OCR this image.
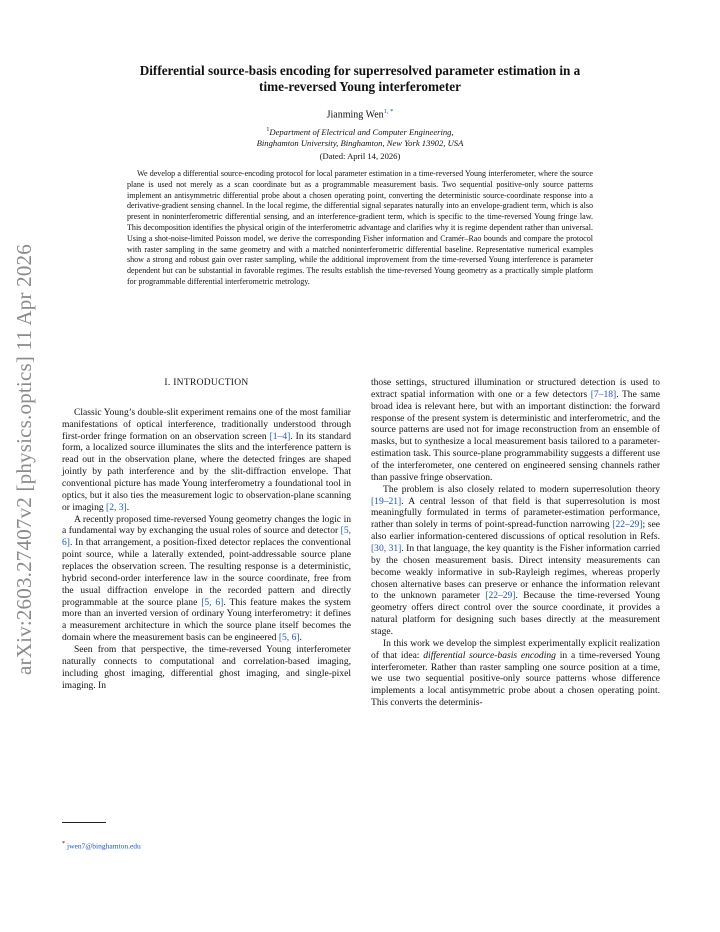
arXiv:2603.27407v2 [physics.optics] 11 Apr 2026
Differential source-basis encoding for superresolved parameter estimation in a
time-reversed Young interferometer
Jianming Wen$^{1, *}$
$^1$Department of Electrical and Computer Engineering,
Binghamton University, Binghamton, New York 13902, USA
(Dated: April 14, 2026)
We develop a differential source-encoding protocol for local parameter estimation in a time-reversed Young interferometer, where the source plane is used not merely as a scan coordinate but as a programmable measurement basis. Two sequential positive-only source patterns implement an antisymmetric differential probe about a chosen operating point, converting the deterministic source-coordinate response into a derivative-gradient sensing channel. In the local regime, the differential signal separates naturally into an envelope-gradient term, which is also present in noninterferometric differential sensing, and an interference-gradient term, which is specific to the time-reversed Young fringe law. This decomposition identifies the physical origin of the interferometric advantage and clarifies why it is regime dependent rather than universal. Using a shot-noise-limited Poisson model, we derive the corresponding Fisher information and Cramér–Rao bounds and compare the protocol with raster sampling in the same geometry and with a matched noninterferometric differential baseline. Representative numerical examples show a strong and robust gain over raster sampling, while the additional improvement from the time-reversed Young interference is parameter dependent but can be substantial in favorable regimes. The results establish the time-reversed Young geometry as a practically simple platform for programmable differential interferometric metrology.
I. INTRODUCTION

Classic Young’s double-slit experiment remains one of the most familiar manifestations of optical interference, traditionally understood through first-order fringe formation on an observation screen [1–4]. In its standard form, a localized source illuminates the slits and the interference pattern is read out in the observation plane, where the detected fringes are shaped jointly by path interference and by the slit-diffraction envelope. That conventional picture has made Young interferometry a foundational tool in optics, but it also ties the measurement logic to observation-plane scanning or imaging [2, 3].

A recently proposed time-reversed Young geometry changes the logic in a fundamental way by exchanging the usual roles of source and detector [5, 6]. In that arrangement, a position-fixed detector replaces the conventional point source, while a laterally extended, point-addressable source plane replaces the observation screen. The resulting response is a deterministic, hybrid second-order interference law in the source coordinate, free from the usual diffraction envelope in the recorded pattern and directly programmable at the source plane [5, 6]. This feature makes the system more than an inverted version of ordinary Young interferometry: it defines a measurement architecture in which the source plane itself becomes the domain where the measurement basis can be engineered [5, 6].

Seen from that perspective, the time-reversed Young interferometer naturally connects to computational and correlation-based imaging, including ghost imaging, differential ghost imaging, and single-pixel imaging. In

those settings, structured illumination or structured detection is used to extract spatial information with one or a few detectors [7–18]. The same broad idea is relevant here, but with an important distinction: the forward response of the present system is deterministic and interferometric, and the source patterns are used not for image reconstruction from an ensemble of masks, but to synthesize a local measurement basis tailored to a parameter-estimation task. This source-plane programmability suggests a different use of the interferometer, one centered on engineered sensing channels rather than passive fringe observation.

The problem is also closely related to modern superresolution theory [19–21]. A central lesson of that field is that superresolution is most meaningfully formulated in terms of parameter-estimation performance, rather than solely in terms of point-spread-function narrowing [22–29]; see also earlier information-centered discussions of optical resolution in Refs. [30, 31]. In that language, the key quantity is the Fisher information carried by the chosen measurement basis. Direct intensity measurements can become weakly informative in sub-Rayleigh regimes, whereas properly chosen alternative bases can preserve or enhance the information relevant to the unknown parameter [22–29]. Because the time-reversed Young geometry offers direct control over the source coordinate, it provides a natural platform for designing such bases directly at the measurement stage.

In this work we develop the simplest experimentally explicit realization of that idea: differential source-basis encoding in a time-reversed Young interferometer. Rather than raster sampling one source position at a time, we use two sequential positive-only source patterns whose difference implements a local antisymmetric probe about a chosen operating point. This converts the determinis-

* jwen7@binghamton.edu
